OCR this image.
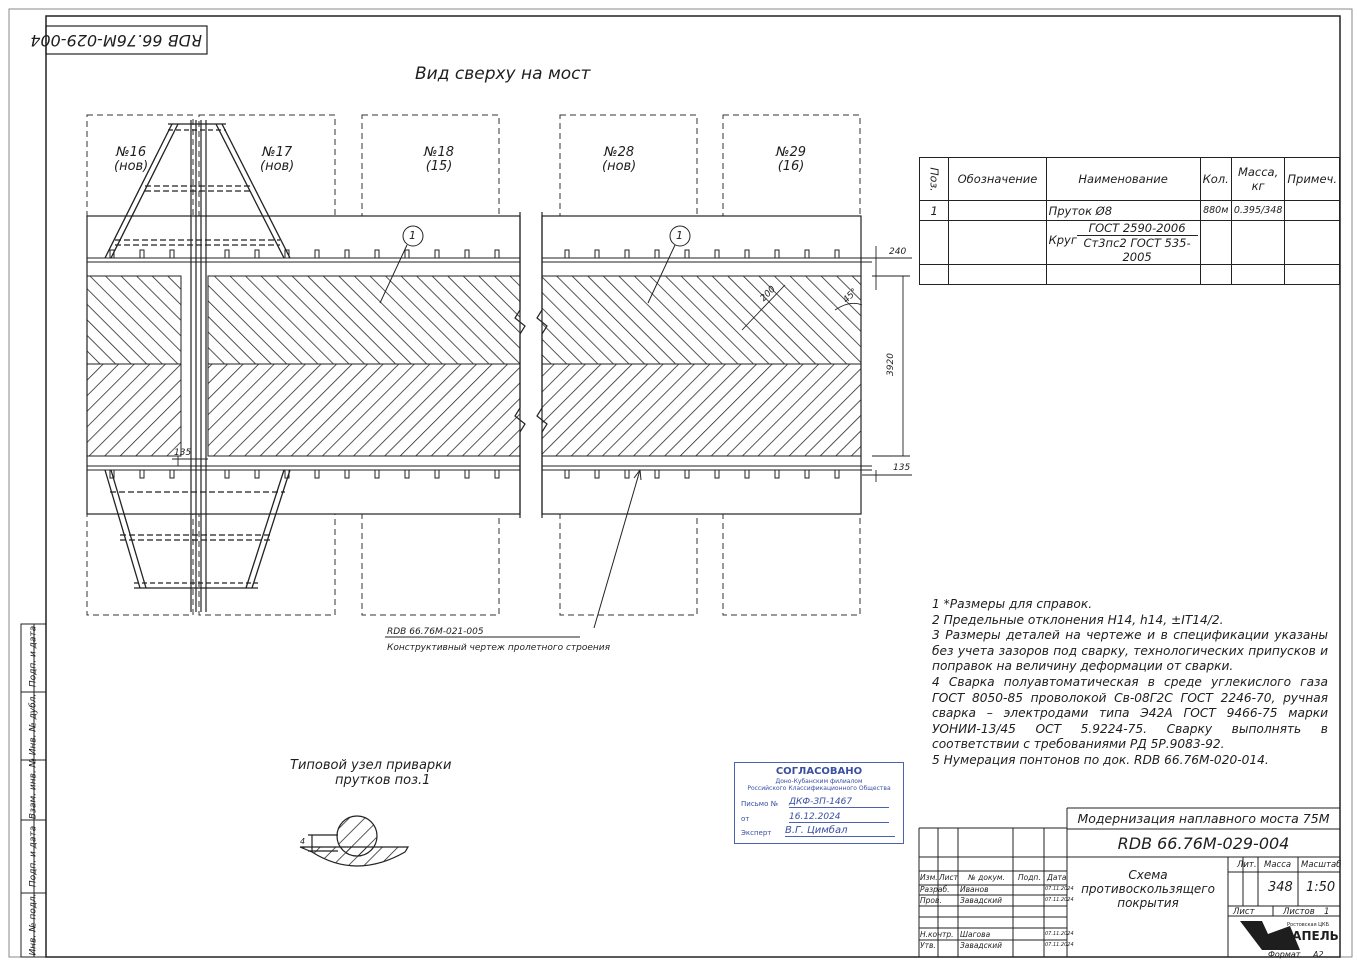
RDB 66.76M-029-004
Вид сверху на мост
№16
(нов)
№17
(нов)
№18
(15)
№28
(нов)
№29
(16)
1	1
240
3920
135
135
200	45°
RDB 66.76М-021-005
Конструктивный чертеж пролетного строения
Поз.	Обозначение	Наименование	Кол.	Масса, кг	Примеч.
1		Пруток Ø8	880м	0.395/348	

		Круг
ГОСТ 2590-2006
Ст3пс2 ГОСТ 535-2005			

1 *Размеры для справок.
2 Предельные отклонения H14, h14, ±IT14/2.
3 Размеры деталей на чертеже и в спецификации указаны без учета зазоров под сварку, технологических припусков и поправок на величину деформации от сварки.
4 Сварка полуавтоматическая в среде углекислого газа ГОСТ 8050-85 проволокой Св-08Г2С ГОСТ 2246-70, ручная сварка – электродами типа Э42А ГОСТ 9466-75 марки УОНИИ-13/45 ОСТ 5.9224-75. Сварку выполнять в соответствии с требованиями РД 5Р.9083-92.
5 Нумерация понтонов по док. RDB 66.76М-020-014.
Типовой узел приварки
прутков поз.1
4
СОГЛАСОВАНО
Доно-Кубанским филиалом
Российского Классификационного Общества
Письмо № ДКФ-ЗП-1467
от	16.12.2024
Эксперт В.Г. Цимбал
Подп. и дата
Инв. № дубл.
Взам. инв. №
Подп. и дата
Инв. № подл.
Модернизация наплавного моста 75М
RDB 66.76М-029-004
Схема противоскользящего покрытия
Изм. Лист № докум. Подп. Дата
Разраб. Иванов	07.11.2024
Пров. Завадский	07.11.2024
Н.контр. Шагова	07.11.2024
Утв.	Завадский	07.11.2024
Лит. Масса Масштаб
348 1:50
Лист	Листов 1
Ростовская ЦКБ
ТАПЕЛЬ
Формат A2
